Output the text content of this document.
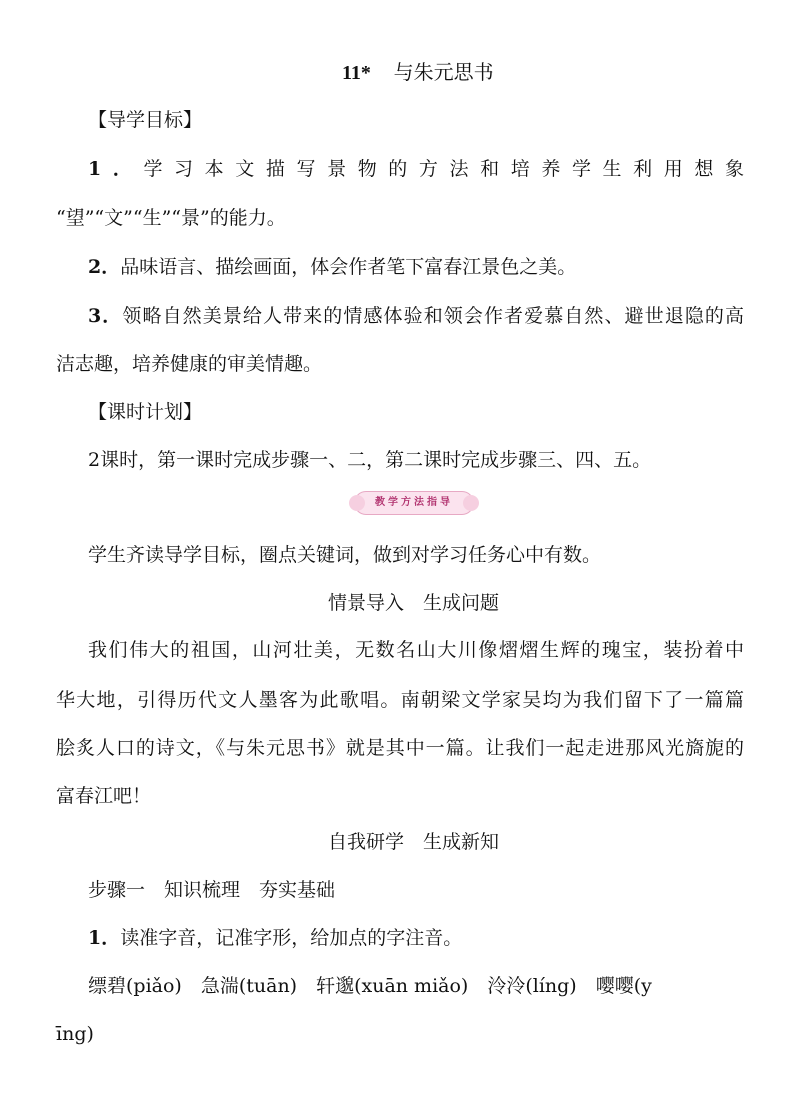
11* 与朱元思书
【导学目标】
1．学习本文描写景物的方法和培养学生利用想象
“望”“文”“生”“景”的能力。
2．品味语言、描绘画面，体会作者笔下富春江景色之美。
3．领略自然美景给人带来的情感体验和领会作者爱慕自然、避世退隐的高
洁志趣，培养健康的审美情趣。
【课时计划】
2课时，第一课时完成步骤一、二，第二课时完成步骤三、四、五。
教学方法指导
学生齐读导学目标，圈点关键词，做到对学习任务心中有数。
情景导入　生成问题
我们伟大的祖国，山河壮美，无数名山大川像熠熠生辉的瑰宝，装扮着中
华大地，引得历代文人墨客为此歌唱。南朝梁文学家吴均为我们留下了一篇篇
脍炙人口的诗文，《与朱元思书》就是其中一篇。让我们一起走进那风光旖旎的
富春江吧！
自我研学　生成新知
步骤一　知识梳理　夯实基础
1．读准字音，记准字形，给加点的字注音。
缥碧(piǎo)　急湍(tuān)　轩邈(xuān miǎo)　泠泠(líng)　嘤嘤(y
īng)
